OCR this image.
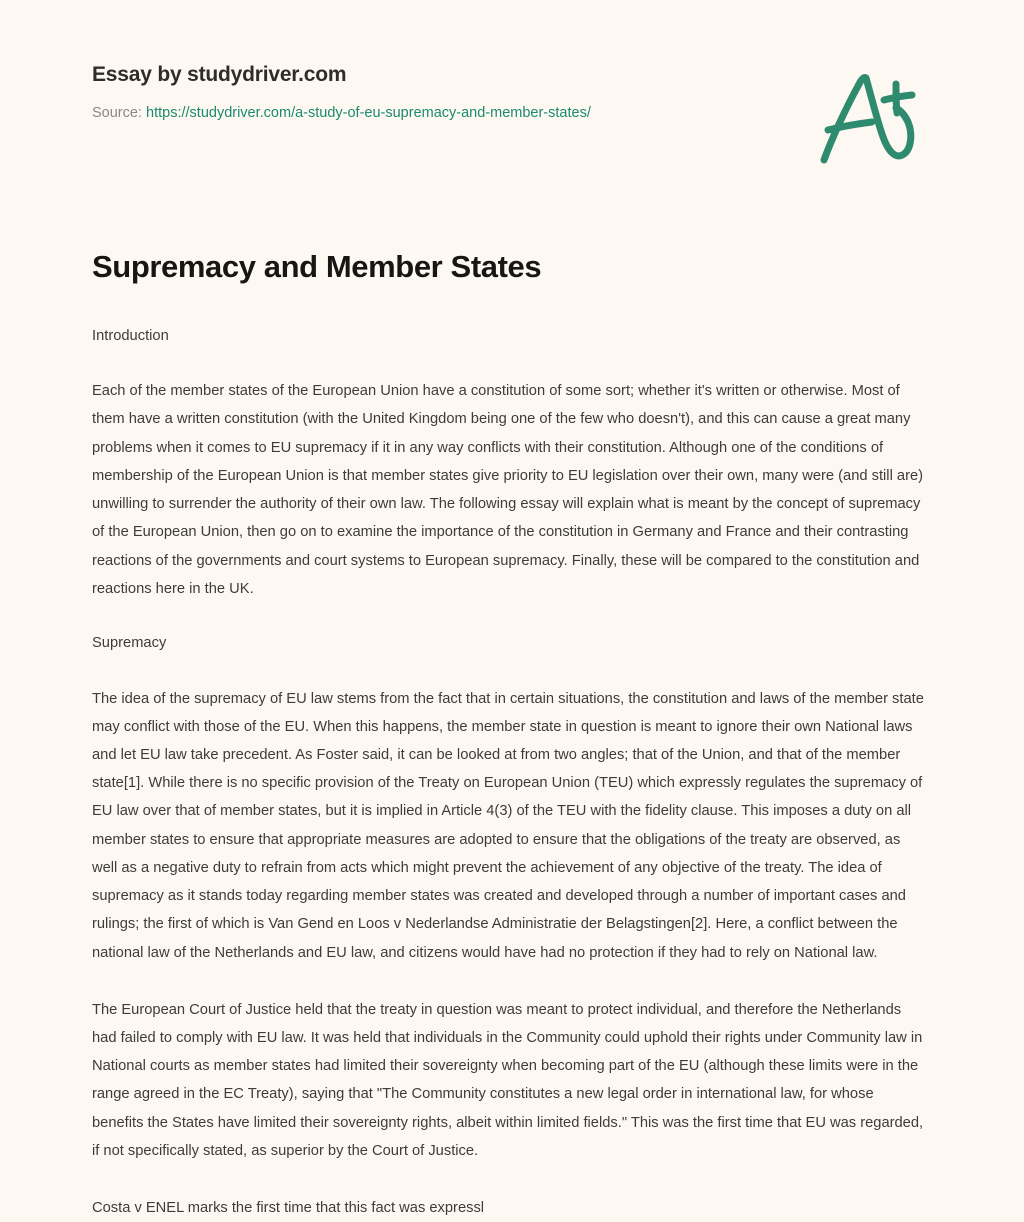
Essay by studydriver.com
Source: https://studydriver.com/a-study-of-eu-supremacy-and-member-states/
Supremacy and Member States
Introduction

Each of the member states of the European Union have a constitution of some sort; whether it's written or otherwise. Most of them have a written constitution (with the United Kingdom being one of the few who doesn't), and this can cause a great many problems when it comes to EU supremacy if it in any way conflicts with their constitution. Although one of the conditions of membership of the European Union is that member states give priority to EU legislation over their own, many were (and still are) unwilling to surrender the authority of their own law. The following essay will explain what is meant by the concept of supremacy of the European Union, then go on to examine the importance of the constitution in Germany and France and their contrasting reactions of the governments and court systems to European supremacy. Finally, these will be compared to the constitution and reactions here in the UK.

Supremacy

The idea of the supremacy of EU law stems from the fact that in certain situations, the constitution and laws of the member state may conflict with those of the EU. When this happens, the member state in question is meant to ignore their own National laws and let EU law take precedent. As Foster said, it can be looked at from two angles; that of the Union, and that of the member state[1]. While there is no specific provision of the Treaty on European Union (TEU) which expressly regulates the supremacy of EU law over that of member states, but it is implied in Article 4(3) of the TEU with the fidelity clause. This imposes a duty on all member states to ensure that appropriate measures are adopted to ensure that the obligations of the treaty are observed, as well as a negative duty to refrain from acts which might prevent the achievement of any objective of the treaty. The idea of supremacy as it stands today regarding member states was created and developed through a number of important cases and rulings; the first of which is Van Gend en Loos v Nederlandse Administratie der Belagstingen[2]. Here, a conflict between the national law of the Netherlands and EU law, and citizens would have had no protection if they had to rely on National law.

The European Court of Justice held that the treaty in question was meant to protect individual, and therefore the Netherlands had failed to comply with EU law. It was held that individuals in the Community could uphold their rights under Community law in National courts as member states had limited their sovereignty when becoming part of the EU (although these limits were in the range agreed in the EC Treaty), saying that "The Community constitutes a new legal order in international law, for whose benefits the States have limited their sovereignty rights, albeit within limited fields." This was the first time that EU was regarded, if not specifically stated, as superior by the Court of Justice.

Costa v ENEL marks the first time that this fact was expressl
